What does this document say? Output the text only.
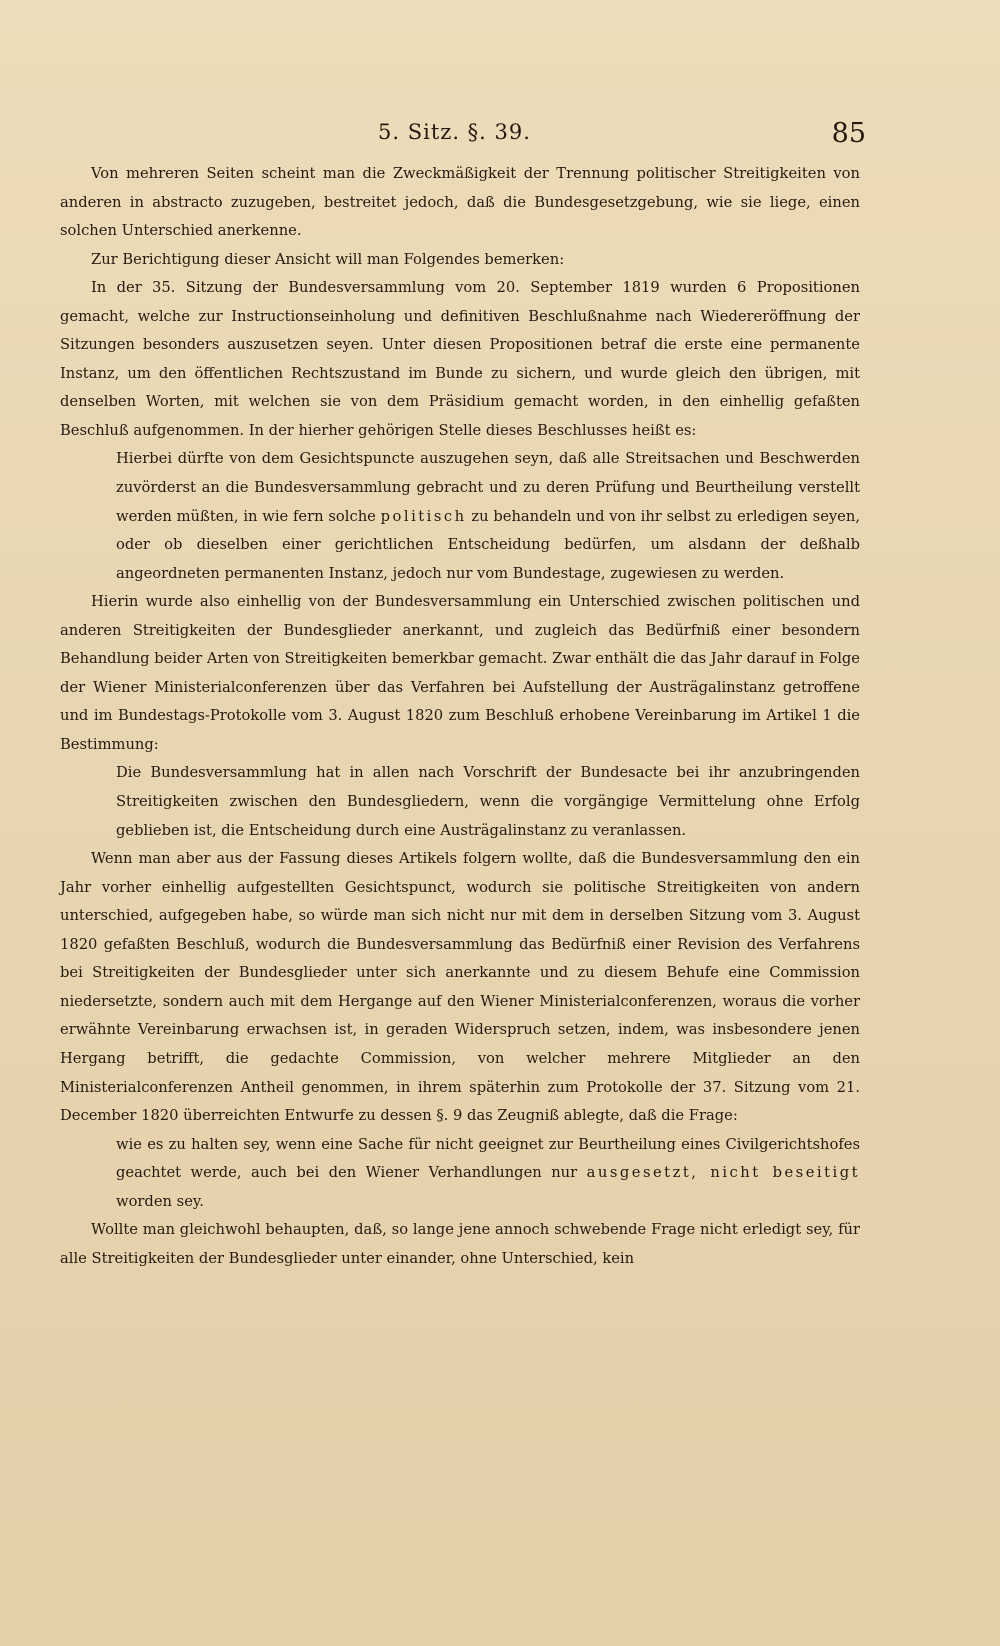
5. Sitz. §. 39.	85

Von mehreren Seiten scheint man die Zweckmäßigkeit der Trennung politischer Streitigkeiten von anderen in abstracto zuzugeben, bestreitet jedoch, daß die Bundesgesetzgebung, wie sie liege, einen solchen Unterschied anerkenne.

Zur Berichtigung dieser Ansicht will man Folgendes bemerken:

In der 35. Sitzung der Bundesversammlung vom 20. September 1819 wurden 6 Propositionen gemacht, welche zur Instructionseinholung und definitiven Beschlußnahme nach Wiedereröffnung der Sitzungen besonders auszusetzen seyen. Unter diesen Propositionen betraf die erste eine permanente Instanz, um den öffentlichen Rechtszustand im Bunde zu sichern, und wurde gleich den übrigen, mit denselben Worten, mit welchen sie von dem Präsidium gemacht worden, in den einhellig gefaßten Beschluß aufgenommen. In der hierher gehörigen Stelle dieses Beschlusses heißt es:

Hierbei dürfte von dem Gesichtspuncte auszugehen seyn, daß alle Streitsachen und Beschwerden zuvörderst an die Bundesversammlung gebracht und zu deren Prüfung und Beurtheilung verstellt werden müßten, in wie fern solche politisch zu behandeln und von ihr selbst zu erledigen seyen, oder ob dieselben einer gerichtlichen Entscheidung bedürfen, um alsdann der deßhalb angeordneten permanenten Instanz, jedoch nur vom Bundestage, zugewiesen zu werden.

Hierin wurde also einhellig von der Bundesversammlung ein Unterschied zwischen politischen und anderen Streitigkeiten der Bundesglieder anerkannt, und zugleich das Bedürfniß einer besondern Behandlung beider Arten von Streitigkeiten bemerkbar gemacht. Zwar enthält die das Jahr darauf in Folge der Wiener Ministerialconferenzen über das Verfahren bei Aufstellung der Austrägalinstanz getroffene und im Bundestags-Protokolle vom 3. August 1820 zum Beschluß erhobene Vereinbarung im Artikel 1 die Bestimmung:

Die Bundesversammlung hat in allen nach Vorschrift der Bundesacte bei ihr anzubringenden Streitigkeiten zwischen den Bundesgliedern, wenn die vorgängige Vermittelung ohne Erfolg geblieben ist, die Entscheidung durch eine Austrägalinstanz zu veranlassen.

Wenn man aber aus der Fassung dieses Artikels folgern wollte, daß die Bundesversammlung den ein Jahr vorher einhellig aufgestellten Gesichtspunct, wodurch sie politische Streitigkeiten von andern unterschied, aufgegeben habe, so würde man sich nicht nur mit dem in derselben Sitzung vom 3. August 1820 gefaßten Beschluß, wodurch die Bundesversammlung das Bedürfniß einer Revision des Verfahrens bei Streitigkeiten der Bundesglieder unter sich anerkannte und zu diesem Behufe eine Commission niedersetzte, sondern auch mit dem Hergange auf den Wiener Ministerialconferenzen, woraus die vorher erwähnte Vereinbarung erwachsen ist, in geraden Widerspruch setzen, indem, was insbesondere jenen Hergang betrifft, die gedachte Commission, von welcher mehrere Mitglieder an den Ministerialconferenzen Antheil genommen, in ihrem späterhin zum Protokolle der 37. Sitzung vom 21. December 1820 überreichten Entwurfe zu dessen §. 9 das Zeugniß ablegte, daß die Frage:

wie es zu halten sey, wenn eine Sache für nicht geeignet zur Beurtheilung eines Civilgerichtshofes geachtet werde, auch bei den Wiener Verhandlungen nur ausgesetzt, nicht beseitigt worden sey.

Wollte man gleichwohl behaupten, daß, so lange jene annoch schwebende Frage nicht erledigt sey, für alle Streitigkeiten der Bundesglieder unter einander, ohne Unterschied, kein
